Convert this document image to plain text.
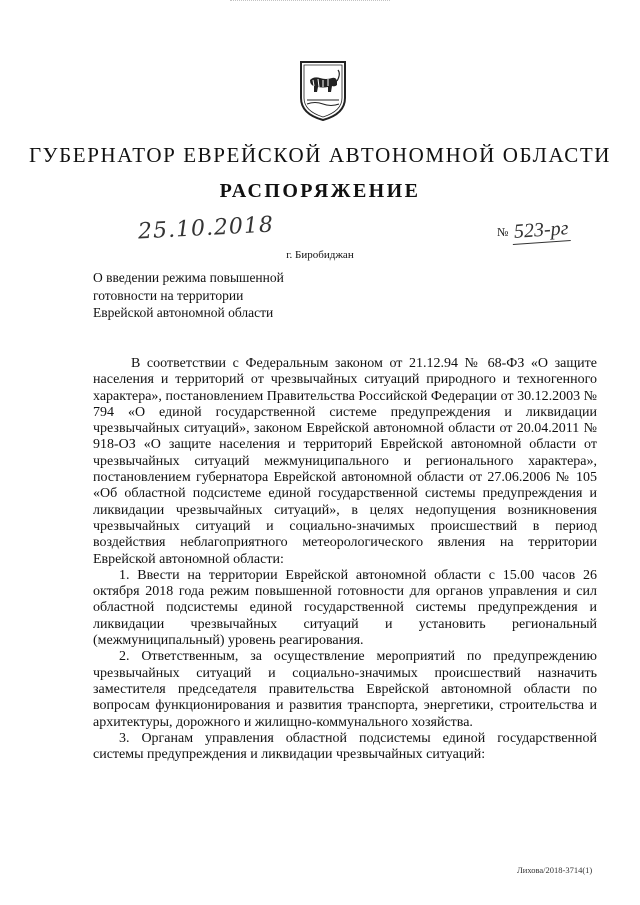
ГУБЕРНАТОР ЕВРЕЙСКОЙ АВТОНОМНОЙ ОБЛАСТИ
РАСПОРЯЖЕНИЕ
25.10.2018	№ 523-рг
г. Биробиджан
О введении режима повышенной
готовности на территории
Еврейской автономной области

В соответствии с Федеральным законом от 21.12.94 № 68-ФЗ «О защите населения и территорий от чрезвычайных ситуаций природного и техногенного характера», постановлением Правительства Российской Федерации от 30.12.2003 № 794 «О единой государственной системе предупреждения и ликвидации чрезвычайных ситуаций», законом Еврейской автономной области от 20.04.2011 № 918-ОЗ «О защите населения и территорий Еврейской автономной области от чрезвычайных ситуаций межмуниципального и регионального характера», постановлением губернатора Еврейской автономной области от 27.06.2006 № 105 «Об областной подсистеме единой государственной системы предупреждения и ликвидации чрезвычайных ситуаций», в целях недопущения возникновения чрезвычайных ситуаций и социально-значимых происшествий в период воздействия неблагоприятного метеорологического явления на территории Еврейской автономной области:

1. Ввести на территории Еврейской автономной области с 15.00 часов 26 октября 2018 года режим повышенной готовности для органов управления и сил областной подсистемы единой государственной системы предупреждения и ликвидации чрезвычайных ситуаций и установить региональный (межмуниципальный) уровень реагирования.

2. Ответственным, за осуществление мероприятий по предупреждению чрезвычайных ситуаций и социально-значимых происшествий назначить заместителя председателя правительства Еврейской автономной области по вопросам функционирования и развития транспорта, энергетики, строительства и архитектуры, дорожного и жилищно-коммунального хозяйства.

3. Органам управления областной подсистемы единой государственной системы предупреждения и ликвидации чрезвычайных ситуаций:

Лихова/2018-3714(1)
